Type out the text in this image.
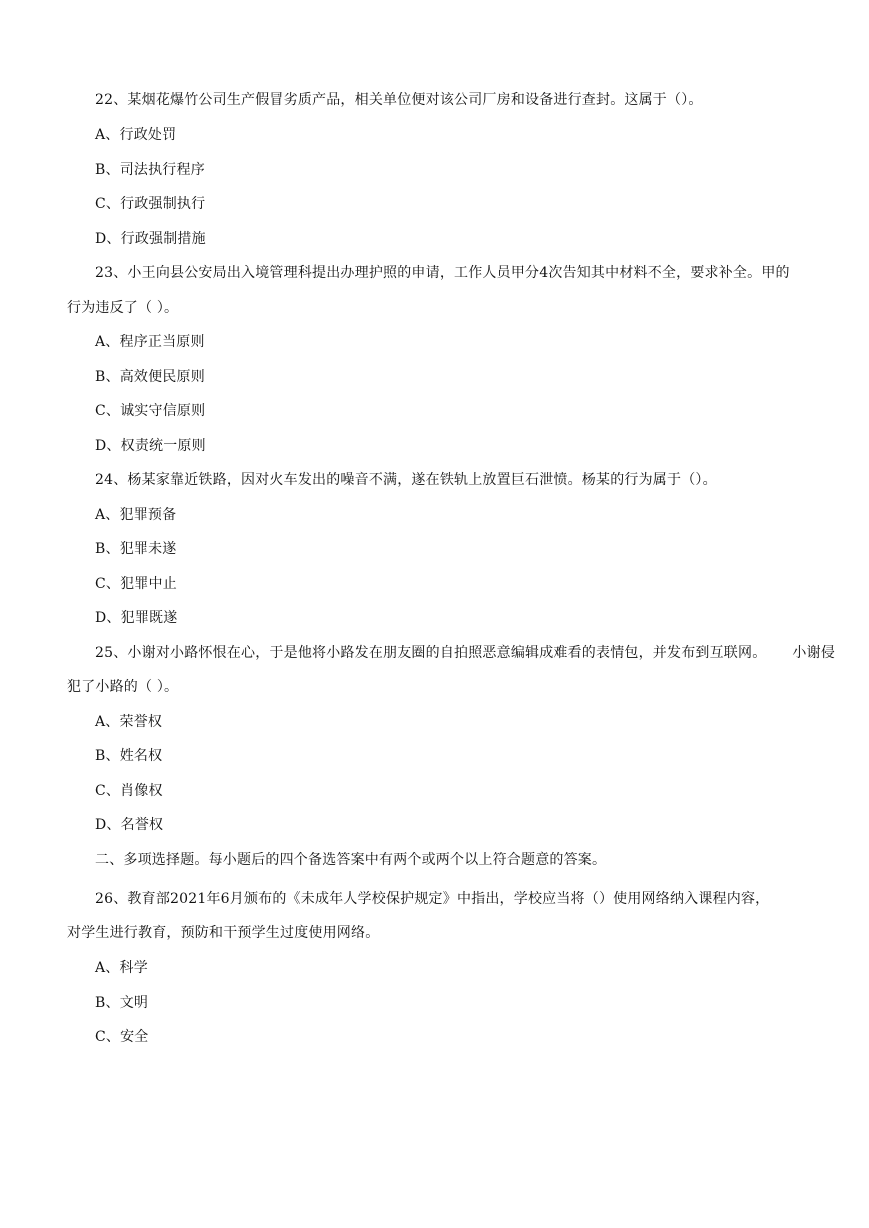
22、某烟花爆竹公司生产假冒劣质产品，相关单位便对该公司厂房和设备进行查封。这属于（）。
A、行政处罚
B、司法执行程序
C、行政强制执行
D、行政强制措施
23、小王向县公安局出入境管理科提出办理护照的申请，工作人员甲分4次告知其中材料不全，要求补全。甲的
行为违反了（ ）。
A、程序正当原则
B、高效便民原则
C、诚实守信原则
D、权责统一原则
24、杨某家靠近铁路，因对火车发出的噪音不满，遂在铁轨上放置巨石泄愤。杨某的行为属于（）。
A、犯罪预备
B、犯罪未遂
C、犯罪中止
D、犯罪既遂
25、小谢对小路怀恨在心，于是他将小路发在朋友圈的自拍照恶意编辑成难看的表情包，并发布到互联网。 小谢侵
犯了小路的（ ）。
A、荣誉权
B、姓名权
C、肖像权
D、名誉权
二、多项选择题。每小题后的四个备选答案中有两个或两个以上符合题意的答案。
26、教育部2021年6月颁布的《未成年人学校保护规定》中指出，学校应当将（）使用网络纳入课程内容，
对学生进行教育，预防和干预学生过度使用网络。
A、科学
B、文明
C、安全
